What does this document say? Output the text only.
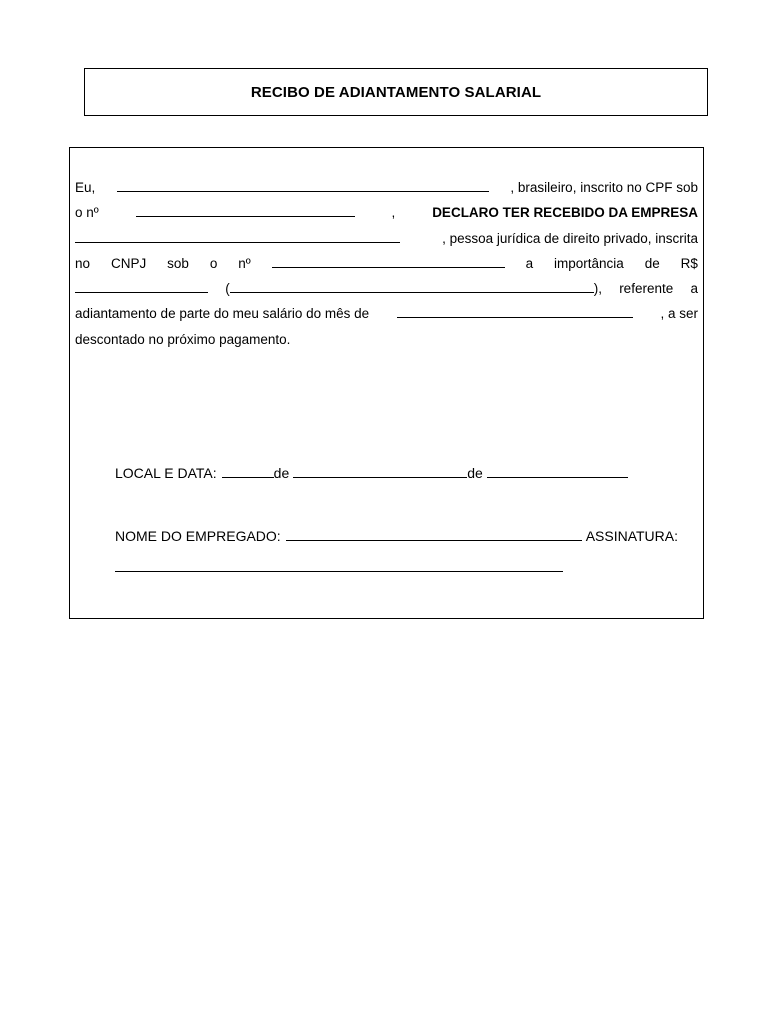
RECIBO DE ADIANTAMENTO SALARIAL
Eu,	, brasileiro, inscrito no CPF sob
o nº	,	DECLARO TER RECEBIDO DA EMPRESA
, pessoa jurídica de direito privado, inscrita
no CNPJ sob o nº	a importância de R$
(	), referente a
adiantamento de parte do meu salário do mês de	, a ser
descontado no próximo pagamento.
LOCAL E DATA:	de	de
NOME DO EMPREGADO:	ASSINATURA:
